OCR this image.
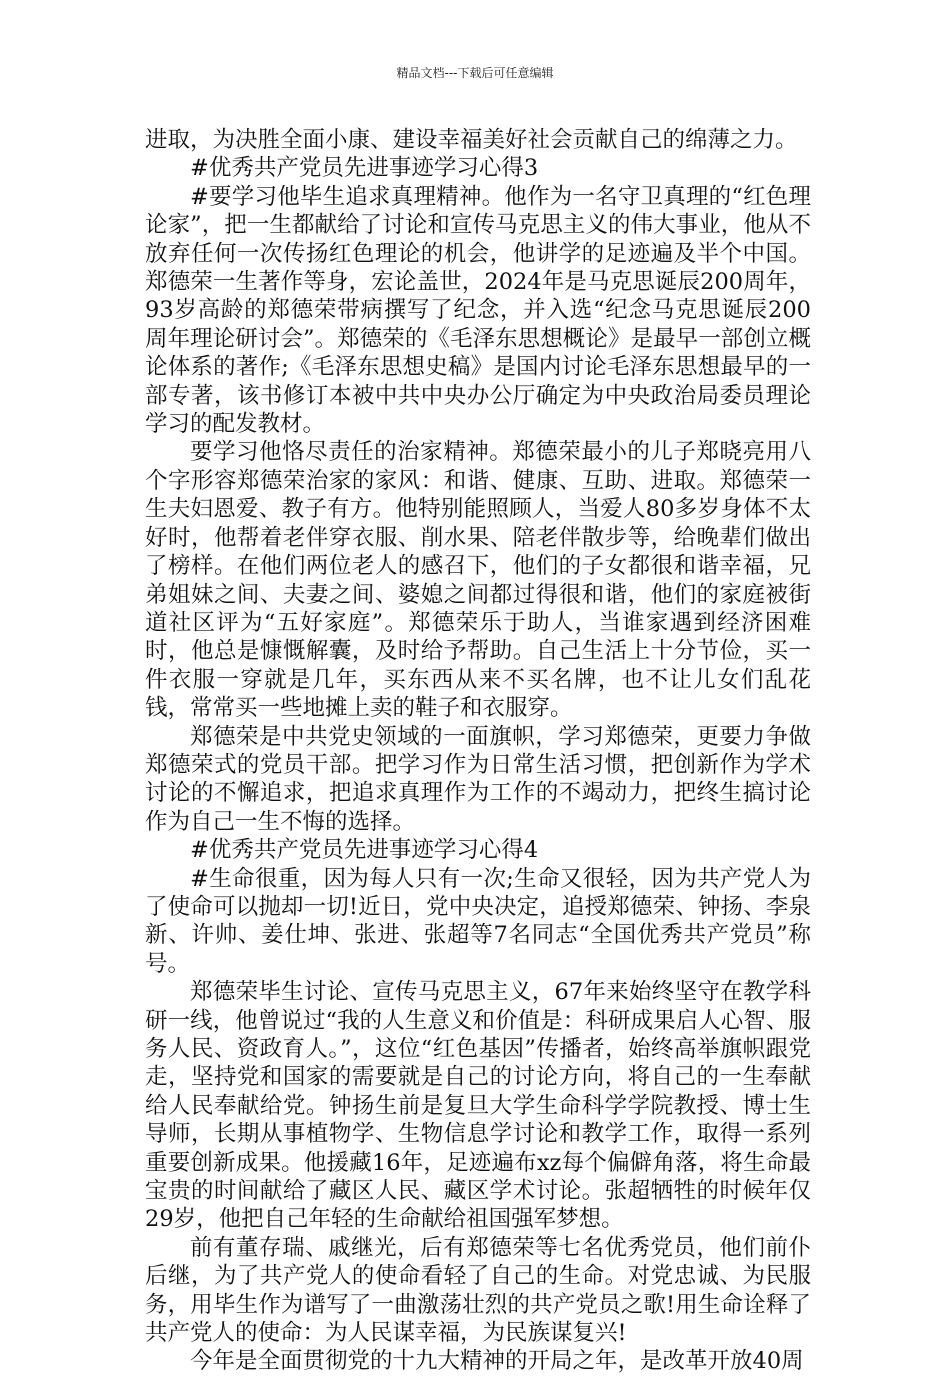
精品文档---下载后可任意编辑

进取，为决胜全面小康、建设幸福美好社会贡献自己的绵薄之力。

#优秀共产党员先进事迹学习心得3

#要学习他毕生追求真理精神。他作为一名守卫真理的“红色理论家”，把一生都献给了讨论和宣传马克思主义的伟大事业，他从不放弃任何一次传扬红色理论的机会，他讲学的足迹遍及半个中国。郑德荣一生著作等身，宏论盖世，2024年是马克思诞辰200周年，93岁高龄的郑德荣带病撰写了纪念，并入选“纪念马克思诞辰200周年理论研讨会”。郑德荣的《毛泽东思想概论》是最早一部创立概论体系的著作;《毛泽东思想史稿》是国内讨论毛泽东思想最早的一部专著，该书修订本被中共中央办公厅确定为中央政治局委员理论学习的配发教材。

要学习他恪尽责任的治家精神。郑德荣最小的儿子郑晓亮用八个字形容郑德荣治家的家风：和谐、健康、互助、进取。郑德荣一生夫妇恩爱、教子有方。他特别能照顾人，当爱人80多岁身体不太好时，他帮着老伴穿衣服、削水果、陪老伴散步等，给晚辈们做出了榜样。在他们两位老人的感召下，他们的子女都很和谐幸福，兄弟姐妹之间、夫妻之间、婆媳之间都过得很和谐，他们的家庭被街道社区评为“五好家庭”。郑德荣乐于助人，当谁家遇到经济困难时，他总是慷慨解囊，及时给予帮助。自己生活上十分节俭，买一件衣服一穿就是几年，买东西从来不买名牌，也不让儿女们乱花钱，常常买一些地摊上卖的鞋子和衣服穿。

郑德荣是中共党史领域的一面旗帜，学习郑德荣，更要力争做郑德荣式的党员干部。把学习作为日常生活习惯，把创新作为学术讨论的不懈追求，把追求真理作为工作的不竭动力，把终生搞讨论作为自己一生不悔的选择。

#优秀共产党员先进事迹学习心得4

#生命很重，因为每人只有一次;生命又很轻，因为共产党人为了使命可以抛却一切!近日，党中央决定，追授郑德荣、钟扬、李泉新、许帅、姜仕坤、张进、张超等7名同志“全国优秀共产党员”称号。

郑德荣毕生讨论、宣传马克思主义，67年来始终坚守在教学科研一线，他曾说过“我的人生意义和价值是：科研成果启人心智、服务人民、资政育人。”，这位“红色基因”传播者，始终高举旗帜跟党走，坚持党和国家的需要就是自己的讨论方向，将自己的一生奉献给人民奉献给党。钟扬生前是复旦大学生命科学学院教授、博士生导师，长期从事植物学、生物信息学讨论和教学工作，取得一系列重要创新成果。他援藏16年，足迹遍布xz每个偏僻角落，将生命最宝贵的时间献给了藏区人民、藏区学术讨论。张超牺牲的时候年仅29岁，他把自己年轻的生命献给祖国强军梦想。

前有董存瑞、戚继光，后有郑德荣等七名优秀党员，他们前仆后继，为了共产党人的使命看轻了自己的生命。对党忠诚、为民服务，用毕生作为谱写了一曲激荡壮烈的共产党员之歌!用生命诠释了共产党人的使命：为人民谋幸福，为民族谋复兴!

今年是全面贯彻党的十九大精神的开局之年，是改革开放40周
